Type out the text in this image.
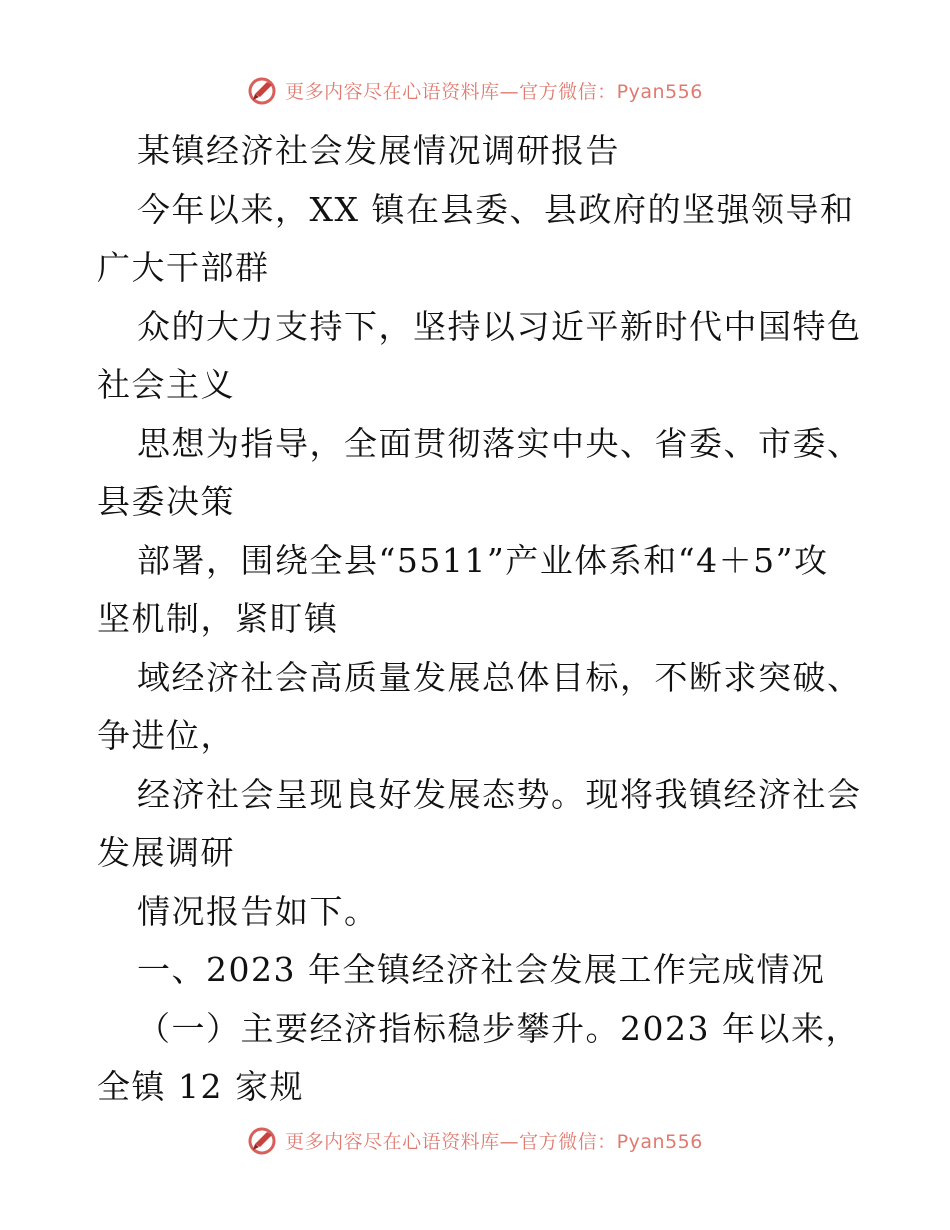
更多内容尽在心语资料库—官方微信：Pyan556
某镇经济社会发展情况调研报告
今年以来，XX 镇在县委、县政府的坚强领导和
广大干部群
众的大力支持下，坚持以习近平新时代中国特色
社会主义
思想为指导，全面贯彻落实中央、省委、市委、
县委决策
部署，围绕全县“5511”产业体系和“4＋5”攻
坚机制，紧盯镇
域经济社会高质量发展总体目标，不断求突破、
争进位，
经济社会呈现良好发展态势。现将我镇经济社会
发展调研
情况报告如下。
一、2023 年全镇经济社会发展工作完成情况
（一）主要经济指标稳步攀升。2023 年以来，
全镇 12 家规
更多内容尽在心语资料库—官方微信：Pyan556
